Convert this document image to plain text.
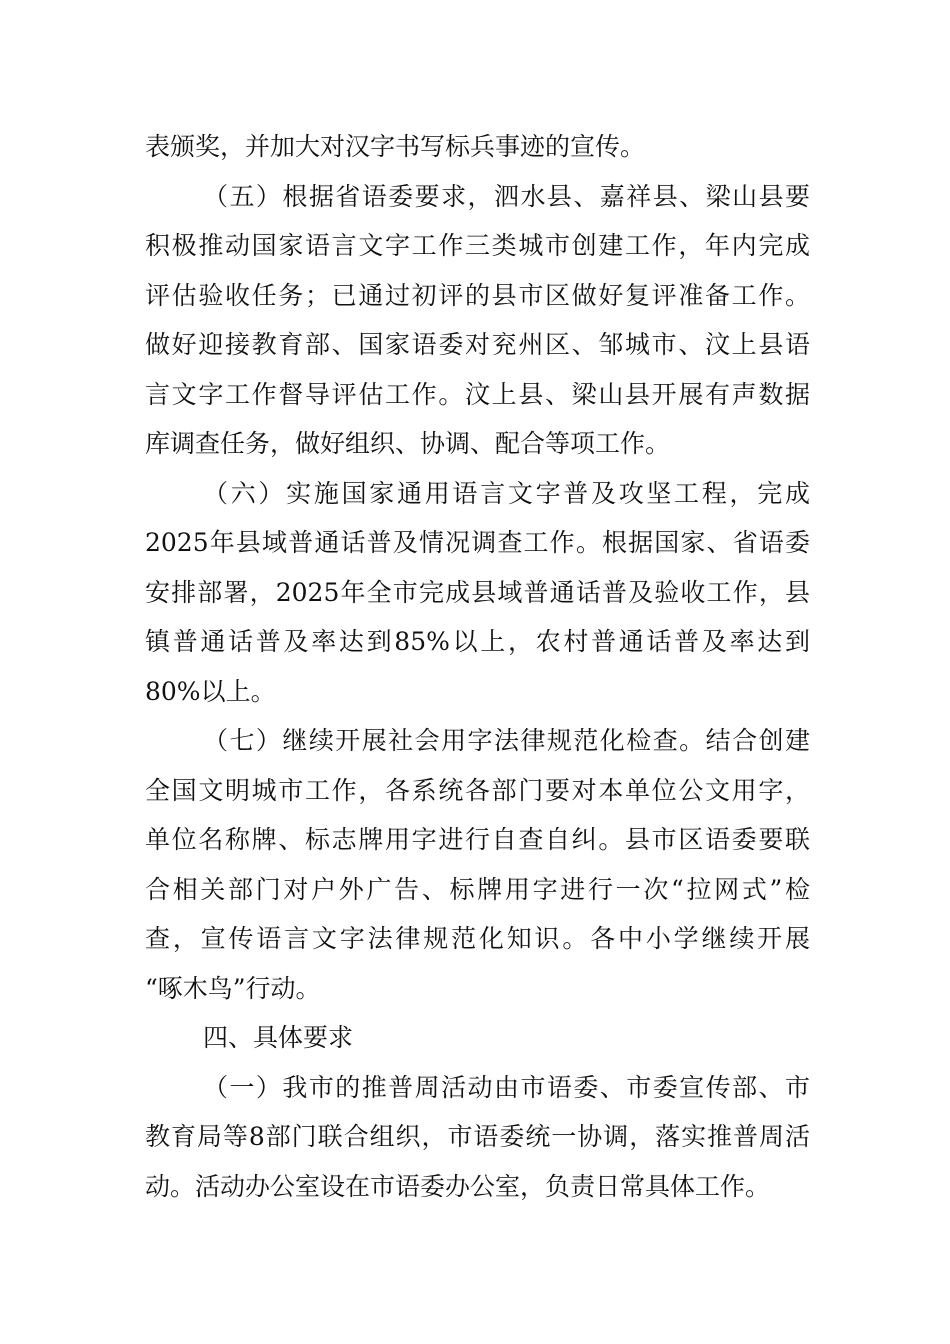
表颁奖，并加大对汉字书写标兵事迹的宣传。
（五）根据省语委要求，泗水县、嘉祥县、梁山县要
积极推动国家语言文字工作三类城市创建工作，年内完成
评估验收任务；已通过初评的县市区做好复评准备工作。
做好迎接教育部、国家语委对兖州区、邹城市、汶上县语
言文字工作督导评估工作。汶上县、梁山县开展有声数据
库调查任务，做好组织、协调、配合等项工作。
（六）实施国家通用语言文字普及攻坚工程，完成
2025年县域普通话普及情况调查工作。根据国家、省语委
安排部署，2025年全市完成县域普通话普及验收工作，县
镇普通话普及率达到85%以上，农村普通话普及率达到
80%以上。
（七）继续开展社会用字法律规范化检查。结合创建
全国文明城市工作，各系统各部门要对本单位公文用字，
单位名称牌、标志牌用字进行自查自纠。县市区语委要联
合相关部门对户外广告、标牌用字进行一次“拉网式”检
查，宣传语言文字法律规范化知识。各中小学继续开展
“啄木鸟”行动。
四、具体要求
（一）我市的推普周活动由市语委、市委宣传部、市
教育局等8部门联合组织，市语委统一协调，落实推普周活
动。活动办公室设在市语委办公室，负责日常具体工作。
